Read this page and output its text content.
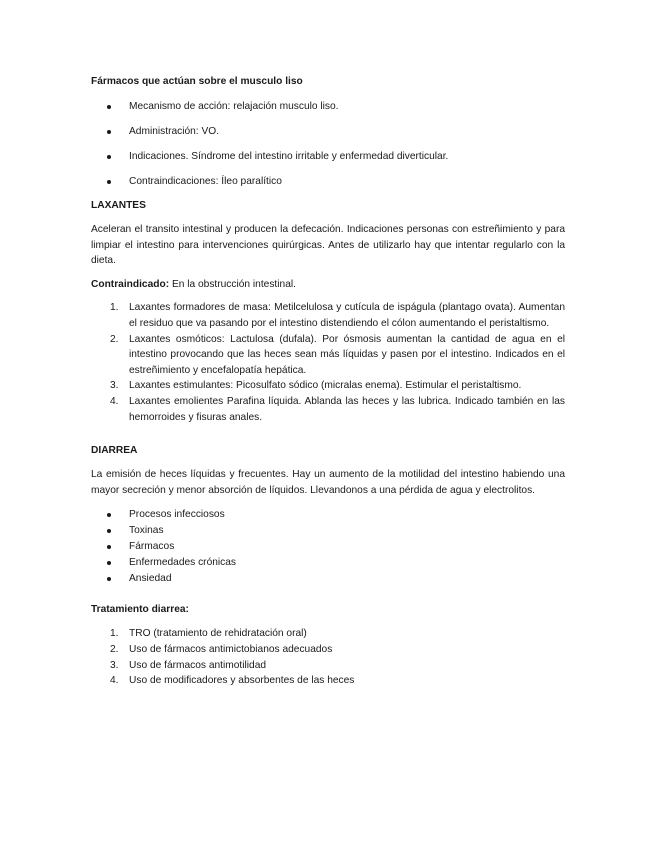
Fármacos que actúan sobre el musculo liso

Mecanismo de acción: relajación musculo liso.
Administración: VO.
Indicaciones. Síndrome del intestino irritable y enfermedad diverticular.
Contraindicaciones: Íleo paralítico

LAXANTES

Aceleran el transito intestinal y producen la defecación. Indicaciones personas con estreñimiento y para limpiar el intestino para intervenciones quirúrgicas. Antes de utilizarlo hay que intentar regularlo con la dieta.

Contraindicado: En la obstrucción intestinal.

1. Laxantes formadores de masa: Metilcelulosa y cutícula de ispágula (plantago ovata). Aumentan el residuo que va pasando por el intestino distendiendo el cólon aumentando el peristaltismo.
2. Laxantes osmóticos: Lactulosa (dufala). Por ósmosis aumentan la cantidad de agua en el intestino provocando que las heces sean más líquidas y pasen por el intestino. Indicados en el estreñimiento y encefalopatía hepática.
3. Laxantes estimulantes: Picosulfato sódico (micralas enema). Estimular el peristaltismo.
4. Laxantes emolientes Parafina líquida. Ablanda las heces y las lubrica. Indicado también en las hemorroides y fisuras anales.

DIARREA

La emisión de heces líquidas y frecuentes. Hay un aumento de la motilidad del intestino habiendo una mayor secreción y menor absorción de líquidos. Llevandonos a una pérdida de agua y electrolitos.

Procesos infecciosos
Toxinas
Fármacos
Enfermedades crónicas
Ansiedad

Tratamiento diarrea:

1. TRO (tratamiento de rehidratación oral)
2. Uso de fármacos antimictobianos adecuados
3. Uso de fármacos antimotilidad
4. Uso de modificadores y absorbentes de las heces
